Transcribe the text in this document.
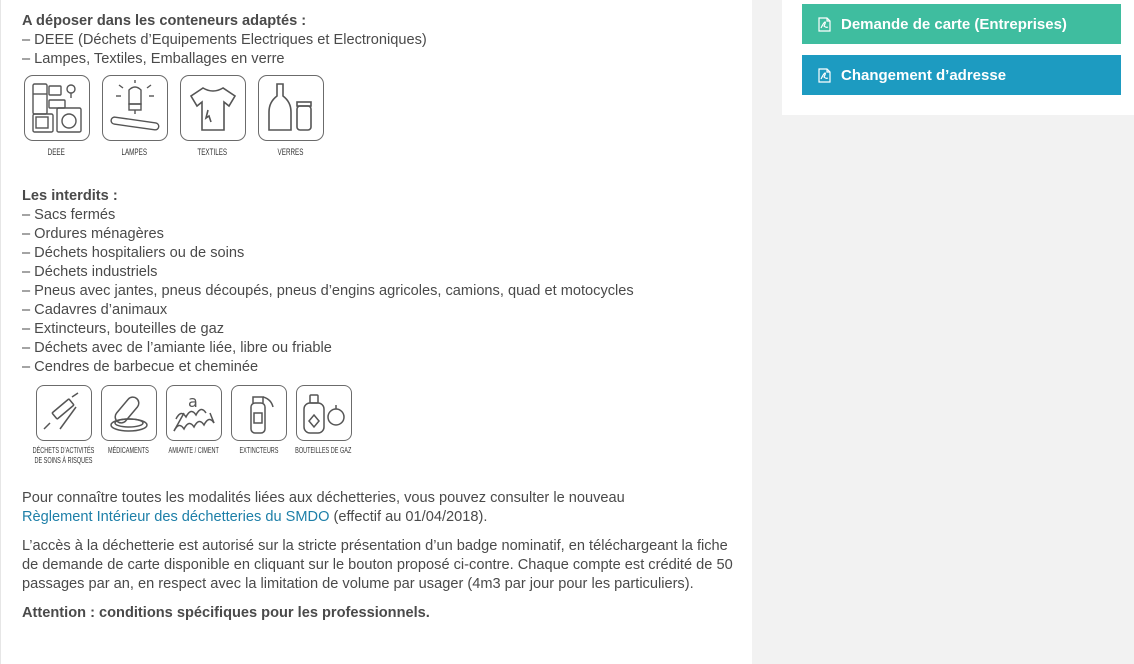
A déposer dans les conteneurs adaptés :

– DEEE (Déchets d’Equipements Electriques et Electroniques)
– Lampes, Textiles, Emballages en verre
DEEE	LAMPES	TEXTILES	VERRES

Les interdits :

– Sacs fermés
– Ordures ménagères
– Déchets hospitaliers ou de soins
– Déchets industriels
– Pneus avec jantes, pneus découpés, pneus d’engins agricoles, camions, quad et motocycles
– Cadavres d’animaux
– Extincteurs, bouteilles de gaz
– Déchets avec de l’amiante liée, libre ou friable
– Cendres de barbecue et cheminée
DÉCHETS D’ACTIVITÉS
DE SOINS À RISQUES
MÉDICAMENTS
a
AMIANTE / CIMENT EXTINCTEURS BOUTEILLES DE GAZ

Pour connaître toutes les modalités liées aux déchetteries, vous pouvez consulter le nouveau Règlement Intérieur des déchetteries du SMDO (effectif au 01/04/2018).

L’accès à la déchetterie est autorisé sur la stricte présentation d’un badge nominatif, en téléchargeant la fiche de demande de carte disponible en cliquant sur le bouton proposé ci-contre. Chaque compte est crédité de 50 passages par an, en respect avec la limitation de volume par usager (4m3 par jour pour les particuliers).

Attention : conditions spécifiques pour les professionnels.

Demande de carte (Entreprises)
Changement d’adresse
